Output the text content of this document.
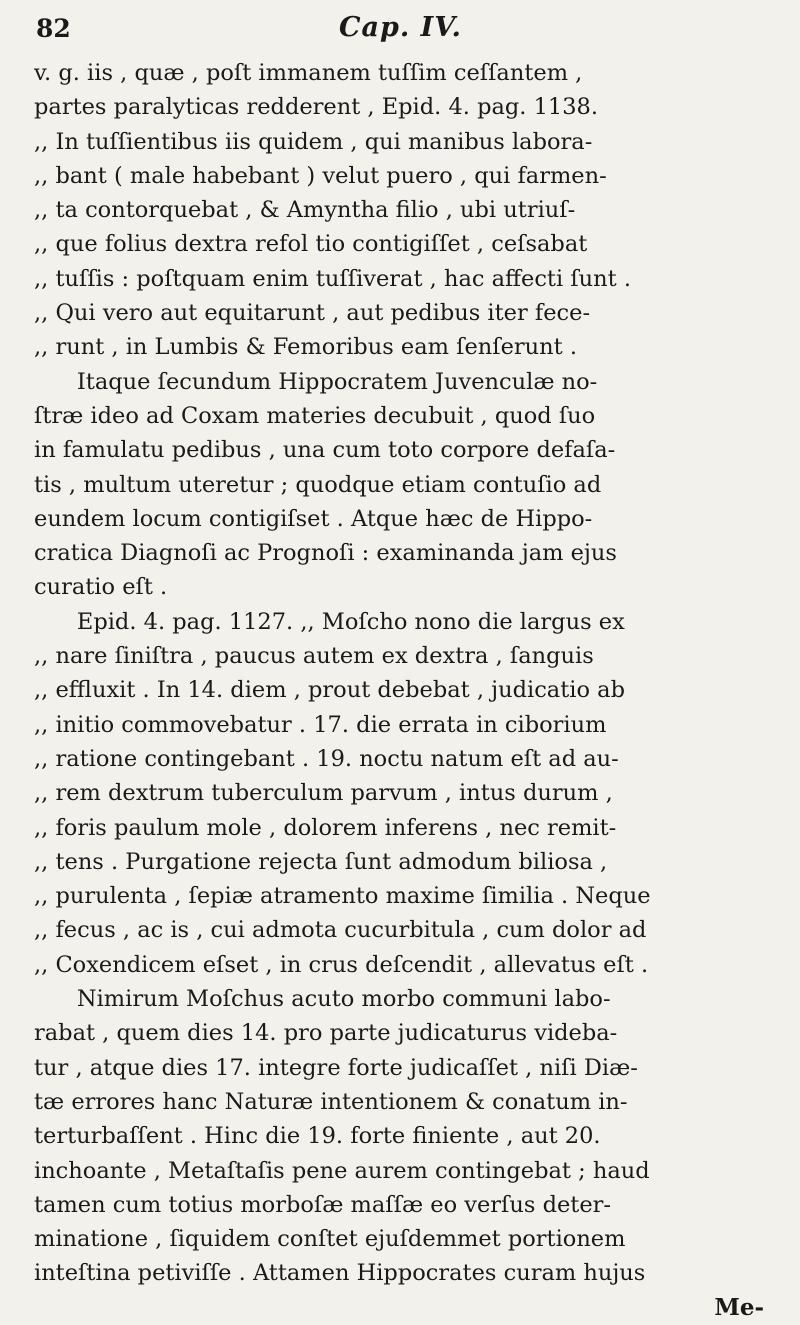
82	Cap. IV.
v. g. iis , quæ , poſt immanem tuſſim ceſſantem ,
partes paralyticas redderent , Epid. 4. pag. 1138.
,, In tuſſientibus iis quidem , qui manibus labora-
,, bant ( male habebant ) velut puero , qui farmen-
,, ta contorquebat , & Amyntha filio , ubi utriuſ-
,, que folius dextra refol tio contigiſſet , ceſsabat
,, tuſſis : poſtquam enim tuſſiverat , hac affecti ſunt .
,, Qui vero aut equitarunt , aut pedibus iter fece-
,, runt , in Lumbis & Femoribus eam ſenſerunt .
Itaque ſecundum Hippocratem Juvenculæ no-
ſtræ ideo ad Coxam materies decubuit , quod ſuo
in famulatu pedibus , una cum toto corpore defaſa-
tis , multum uteretur ; quodque etiam contuſio ad
eundem locum contigiſset . Atque hæc de Hippo-
cratica Diagnoſi ac Prognoſi : examinanda jam ejus
curatio eſt .
Epid. 4. pag. 1127. ,, Moſcho nono die largus ex
,, nare ſiniſtra , paucus autem ex dextra , ſanguis
,, effluxit . In 14. diem , prout debebat , judicatio ab
,, initio commovebatur . 17. die errata in ciborium
,, ratione contingebant . 19. noctu natum eſt ad au-
,, rem dextrum tuberculum parvum , intus durum ,
,, foris paulum mole , dolorem inferens , nec remit-
,, tens . Purgatione rejecta ſunt admodum biliosa ,
,, purulenta , ſepiæ atramento maxime ſimilia . Neque
,, fecus , ac is , cui admota cucurbitula , cum dolor ad
,, Coxendicem eſset , in crus deſcendit , allevatus eſt .
Nimirum Moſchus acuto morbo communi labo-
rabat , quem dies 14. pro parte judicaturus videba-
tur , atque dies 17. integre forte judicaſſet , niſi Diæ-
tæ errores hanc Naturæ intentionem & conatum in-
terturbaſſent . Hinc die 19. forte finiente , aut 20.
inchoante , Metaſtaſis pene aurem contingebat ; haud
tamen cum totius morboſæ maſſæ eo verſus deter-
minatione , ſiquidem conſtet ejuſdemmet portionem
inteſtina petiviſſe . Attamen Hippocrates curam hujus
Me-
